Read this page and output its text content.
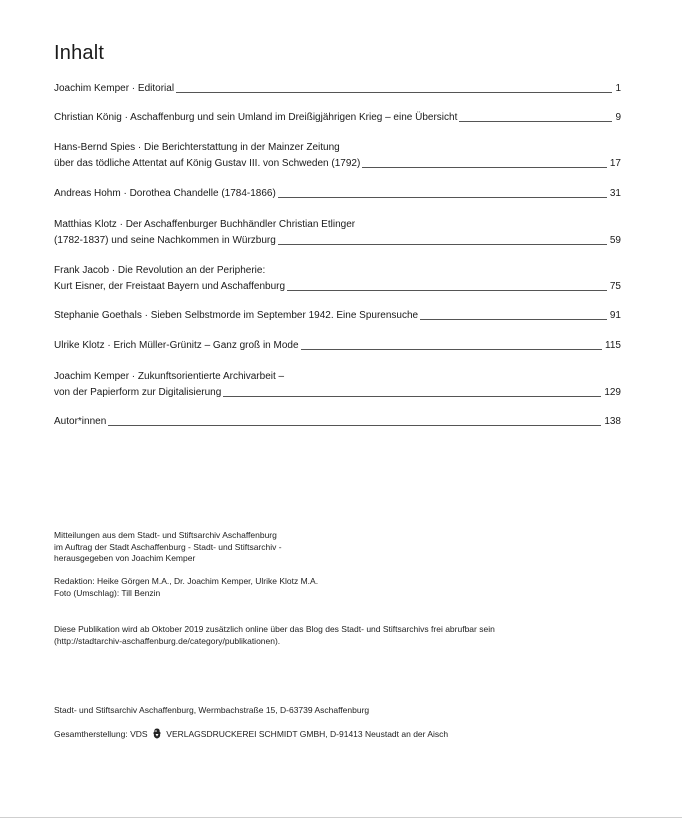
Inhalt
Joachim Kemper · Editorial	1
Christian König · Aschaffenburg und sein Umland im Dreißigjährigen Krieg – eine Übersicht	9
Hans-Bernd Spies · Die Berichterstattung in der Mainzer Zeitung
über das tödliche Attentat auf König Gustav III. von Schweden (1792)	17
Andreas Hohm · Dorothea Chandelle (1784-1866)	31
Matthias Klotz · Der Aschaffenburger Buchhändler Christian Etlinger
(1782-1837) und seine Nachkommen in Würzburg	59
Frank Jacob · Die Revolution an der Peripherie:
Kurt Eisner, der Freistaat Bayern und Aschaffenburg	75
Stephanie Goethals · Sieben Selbstmorde im September 1942. Eine Spurensuche	91
Ulrike Klotz · Erich Müller-Grünitz – Ganz groß in Mode	115
Joachim Kemper · Zukunftsorientierte Archivarbeit –
von der Papierform zur Digitalisierung	129
Autor*innen	138
Mitteilungen aus dem Stadt- und Stiftsarchiv Aschaffenburg
im Auftrag der Stadt Aschaffenburg - Stadt- und Stiftsarchiv -
herausgegeben von Joachim Kemper
Redaktion: Heike Görgen M.A., Dr. Joachim Kemper, Ulrike Klotz M.A.
Foto (Umschlag): Till Benzin
Diese Publikation wird ab Oktober 2019 zusätzlich online über das Blog des Stadt- und Stiftsarchivs frei abrufbar sein
(http://stadtarchiv-aschaffenburg.de/category/publikationen).
Stadt- und Stiftsarchiv Aschaffenburg, Wermbachstraße 15, D-63739 Aschaffenburg
Gesamtherstellung: VDS VERLAGSDRUCKEREI SCHMIDT GMBH, D-91413 Neustadt an der Aisch
